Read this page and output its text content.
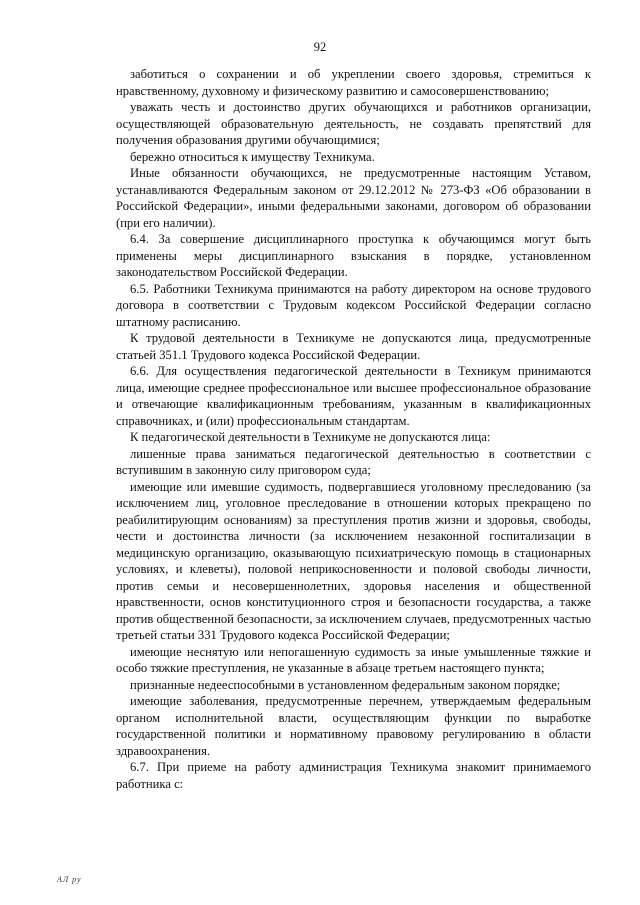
92

заботиться о сохранении и об укреплении своего здоровья, стремиться к нравственному, духовному и физическому развитию и самосовершенствованию;

уважать честь и достоинство других обучающихся и работников организации, осуществляющей образовательную деятельность, не создавать препятствий для получения образования другими обучающимися;

бережно относиться к имуществу Техникума.

Иные обязанности обучающихся, не предусмотренные настоящим Уставом, устанавливаются Федеральным законом от 29.12.2012 № 273-ФЗ «Об образовании в Российской Федерации», иными федеральными законами, договором об образовании (при его наличии).

6.4. За совершение дисциплинарного проступка к обучающимся могут быть применены меры дисциплинарного взыскания в порядке, установленном законодательством Российской Федерации.

6.5. Работники Техникума принимаются на работу директором на основе трудового договора в соответствии с Трудовым кодексом Российской Федерации согласно штатному расписанию.

К трудовой деятельности в Техникуме не допускаются лица, предусмотренные статьей 351.1 Трудового кодекса Российской Федерации.

6.6. Для осуществления педагогической деятельности в Техникум принимаются лица, имеющие среднее профессиональное или высшее профессиональное образование и отвечающие квалификационным требованиям, указанным в квалификационных справочниках, и (или) профессиональным стандартам.

К педагогической деятельности в Техникуме не допускаются лица:

лишенные права заниматься педагогической деятельностью в соответствии с вступившим в законную силу приговором суда;

имеющие или имевшие судимость, подвергавшиеся уголовному преследованию (за исключением лиц, уголовное преследование в отношении которых прекращено по реабилитирующим основаниям) за преступления против жизни и здоровья, свободы, чести и достоинства личности (за исключением незаконной госпитализации в медицинскую организацию, оказывающую психиатрическую помощь в стационарных условиях, и клеветы), половой неприкосновенности и половой свободы личности, против семьи и несовершеннолетних, здоровья населения и общественной нравственности, основ конституционного строя и безопасности государства, а также против общественной безопасности, за исключением случаев, предусмотренных частью третьей статьи 331 Трудового кодекса Российской Федерации;

имеющие неснятую или непогашенную судимость за иные умышленные тяжкие и особо тяжкие преступления, не указанные в абзаце третьем настоящего пункта;

признанные недееспособными в установленном федеральным законом порядке;

имеющие заболевания, предусмотренные перечнем, утверждаемым федеральным органом исполнительной власти, осуществляющим функции по выработке государственной политики и нормативному правовому регулированию в области здравоохранения.

6.7. При приеме на работу администрация Техникума знакомит принимаемого работника с:

АЛ ру
